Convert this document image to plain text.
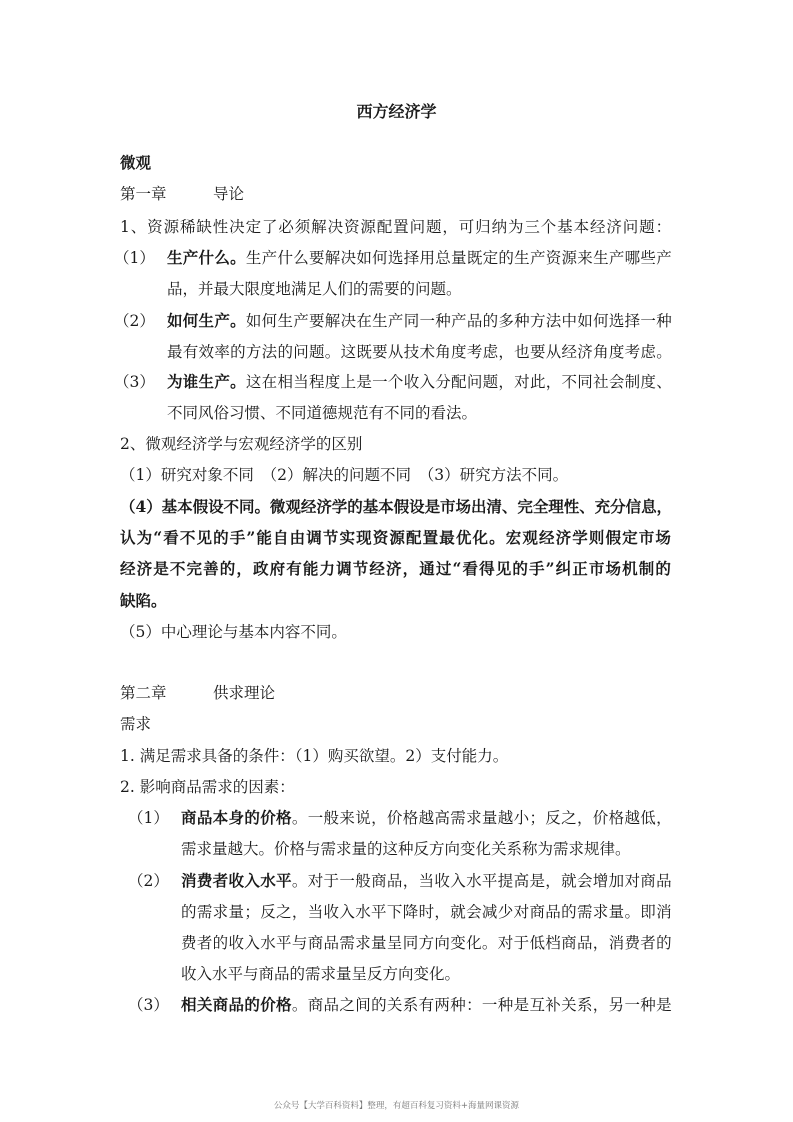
西方经济学
微观
第一章　　　导论
1、资源稀缺性决定了必须解决资源配置问题，可归纳为三个基本经济问题：
（1） 生产什么。生产什么要解决如何选择用总量既定的生产资源来生产哪些产
品，并最大限度地满足人们的需要的问题。
（2） 如何生产。如何生产要解决在生产同一种产品的多种方法中如何选择一种
最有效率的方法的问题。这既要从技术角度考虑，也要从经济角度考虑。
（3） 为谁生产。这在相当程度上是一个收入分配问题，对此，不同社会制度、
不同风俗习惯、不同道德规范有不同的看法。
2、微观经济学与宏观经济学的区别
（1）研究对象不同　（2）解决的问题不同　（3）研究方法不同。
（4）基本假设不同。微观经济学的基本假设是市场出清、完全理性、充分信息，
认为“看不见的手”能自由调节实现资源配置最优化。宏观经济学则假定市场
经济是不完善的，政府有能力调节经济，通过“看得见的手”纠正市场机制的
缺陷。
（5）中心理论与基本内容不同。
第二章　　　供求理论
需求
1. 满足需求具备的条件：（1）购买欲望。2）支付能力。
2. 影响商品需求的因素：
（1） 商品本身的价格。一般来说，价格越高需求量越小；反之，价格越低，
需求量越大。价格与需求量的这种反方向变化关系称为需求规律。
（2） 消费者收入水平。对于一般商品，当收入水平提高是，就会增加对商品
的需求量；反之，当收入水平下降时，就会减少对商品的需求量。即消
费者的收入水平与商品需求量呈同方向变化。对于低档商品，消费者的
收入水平与商品的需求量呈反方向变化。
（3） 相关商品的价格。商品之间的关系有两种：一种是互补关系，另一种是
公众号【大学百科资料】整理，有超百科复习资料+海量网课资源
